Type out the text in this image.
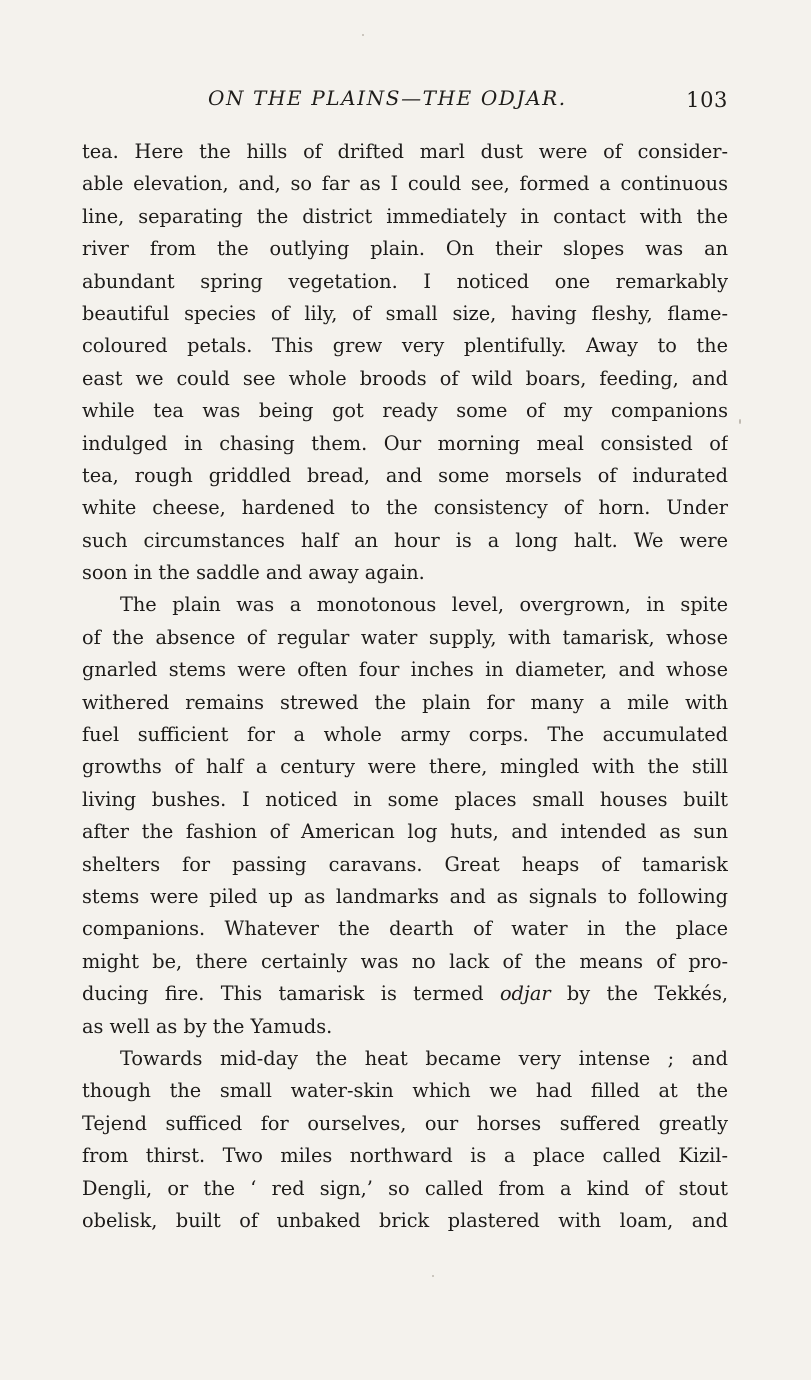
ON THE PLAINS—THE ODJAR.	103
tea. Here the hills of drifted marl dust were of consider-
able elevation, and, so far as I could see, formed a continuous
line, separating the district immediately in contact with the
river from the outlying plain. On their slopes was an
abundant spring vegetation. I noticed one remarkably
beautiful species of lily, of small size, having fleshy, flame-
coloured petals. This grew very plentifully. Away to the
east we could see whole broods of wild boars, feeding, and
while tea was being got ready some of my companions
indulged in chasing them. Our morning meal consisted of
tea, rough griddled bread, and some morsels of indurated
white cheese, hardened to the consistency of horn. Under
such circumstances half an hour is a long halt. We were
soon in the saddle and away again.
The plain was a monotonous level, overgrown, in spite
of the absence of regular water supply, with tamarisk, whose
gnarled stems were often four inches in diameter, and whose
withered remains strewed the plain for many a mile with
fuel sufficient for a whole army corps. The accumulated
growths of half a century were there, mingled with the still
living bushes. I noticed in some places small houses built
after the fashion of American log huts, and intended as sun
shelters for passing caravans. Great heaps of tamarisk
stems were piled up as landmarks and as signals to following
companions. Whatever the dearth of water in the place
might be, there certainly was no lack of the means of pro-
ducing fire. This tamarisk is termed odjar by the Tekkés,
as well as by the Yamuds.
Towards mid-day the heat became very intense ; and
though the small water-skin which we had filled at the
Tejend sufficed for ourselves, our horses suffered greatly
from thirst. Two miles northward is a place called Kizil-
Dengli, or the ‘ red sign,’ so called from a kind of stout
obelisk, built of unbaked brick plastered with loam, and
